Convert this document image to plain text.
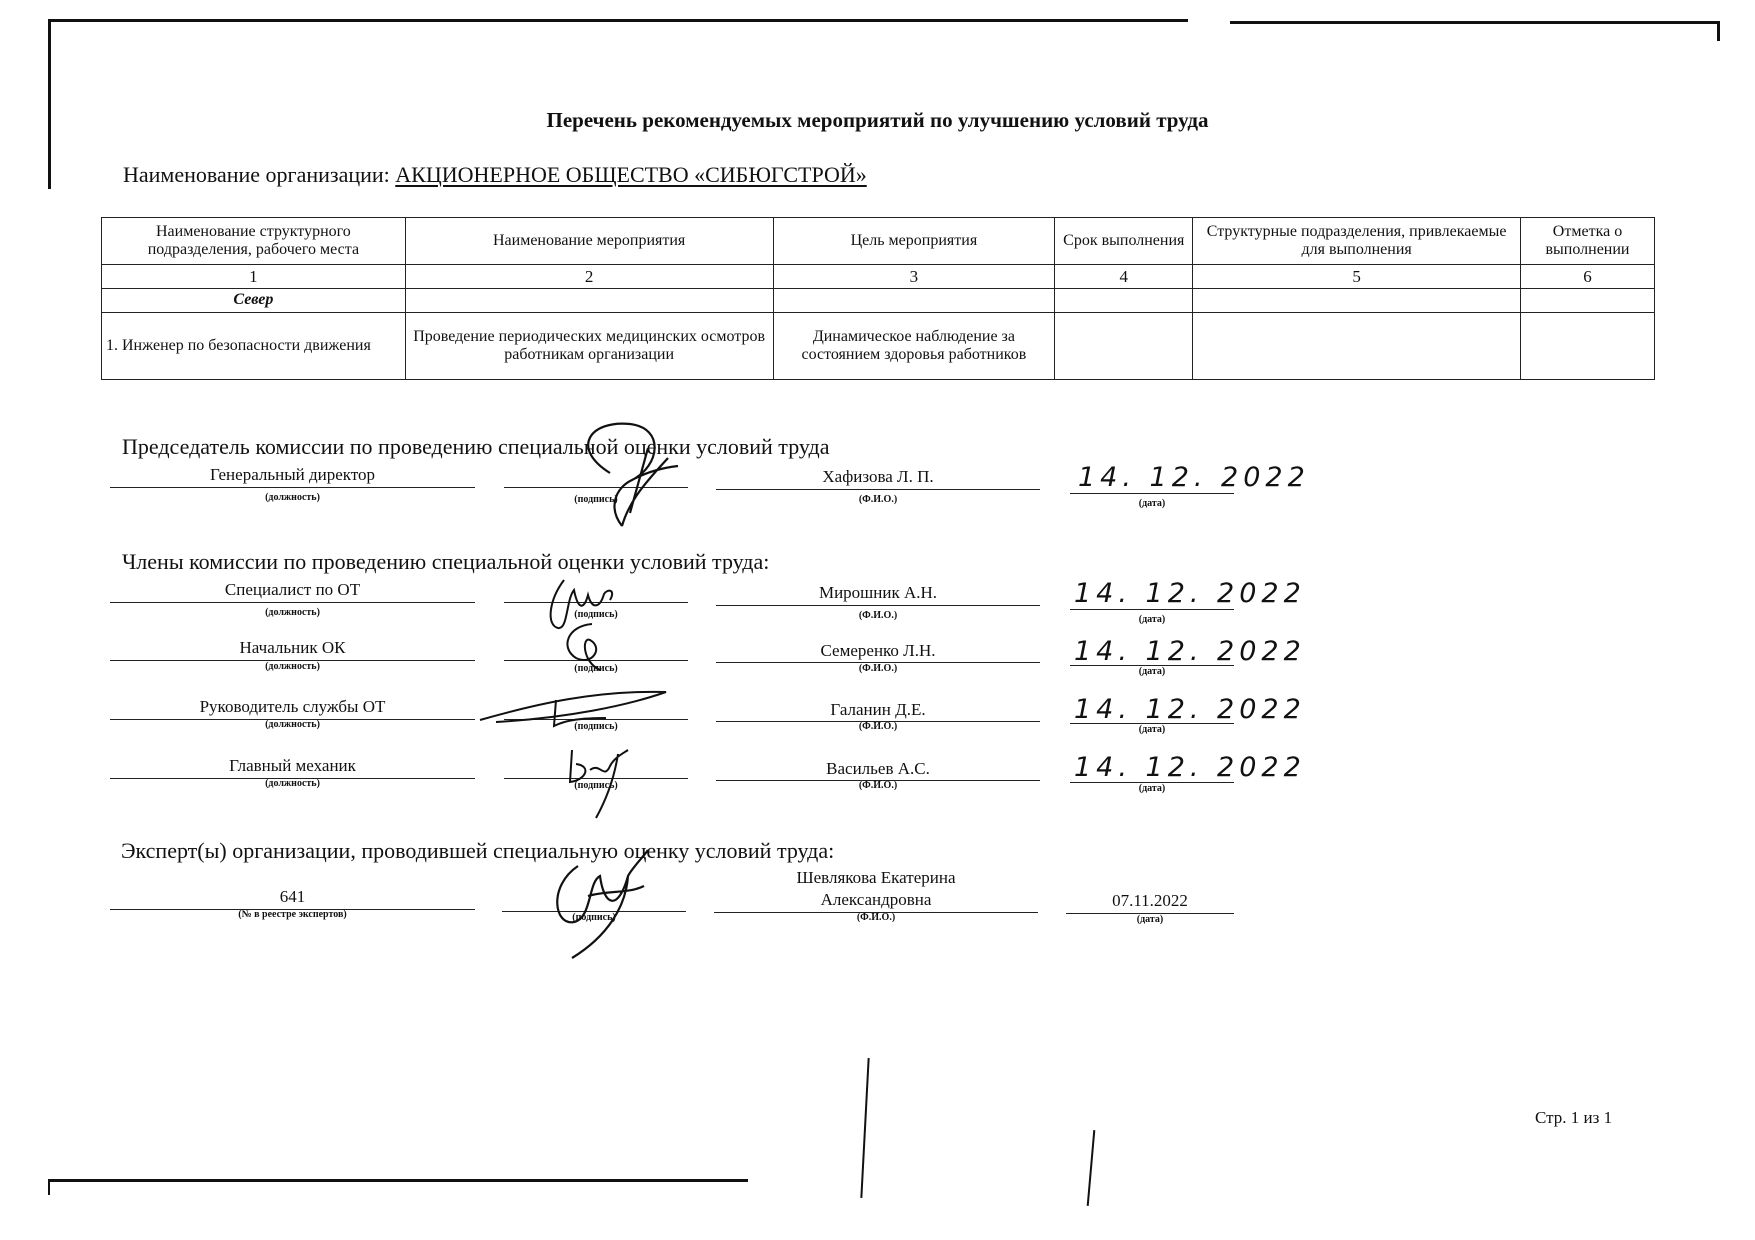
Перечень рекомендуемых мероприятий по улучшению условий труда
Наименование организации: АКЦИОНЕРНОЕ ОБЩЕСТВО «СИБЮГСТРОЙ»
Наименование структурного подразделения, рабочего места	Наименование мероприятия	Цель мероприятия	Срок выполнения	Структурные подразделения, привлекаемые для выполнения	Отметка о выполнении
1	2	3	4	5	6
Север					
1. Инженер по безопасности движения	Проведение периодических медицинских осмотров работникам организации	Динамическое наблюдение за состоянием здоровья работников			
Председатель комиссии по проведению специальной оценки условий труда
Генеральный директор
(должность)	(подпись)
Хафизова Л. П.
(Ф.И.О.)
14. 12. 2022
(дата)
Члены комиссии по проведению специальной оценки условий труда:
Специалист по ОТ
(должность)	(подпись)
Мирошник А.Н.
(Ф.И.О.)
14. 12. 2022
(дата)
Начальник ОК
(должность)	(подпись)
Семеренко Л.Н.
(Ф.И.О.)
14. 12. 2022
(дата)
Руководитель службы ОТ
(должность)	(подпись)
Галанин Д.Е.
(Ф.И.О.)
14. 12. 2022
(дата)
Главный механик
(должность)	(подпись)
Васильев А.С.
(Ф.И.О.)
14. 12. 2022
(дата)
Эксперт(ы) организации, проводившей специальную оценку условий труда:
641
(№ в реестре экспертов)	(подпись)
Шевлякова Екатерина Александровна
(Ф.И.О.)
07.11.2022
(дата)
Стр. 1 из 1
